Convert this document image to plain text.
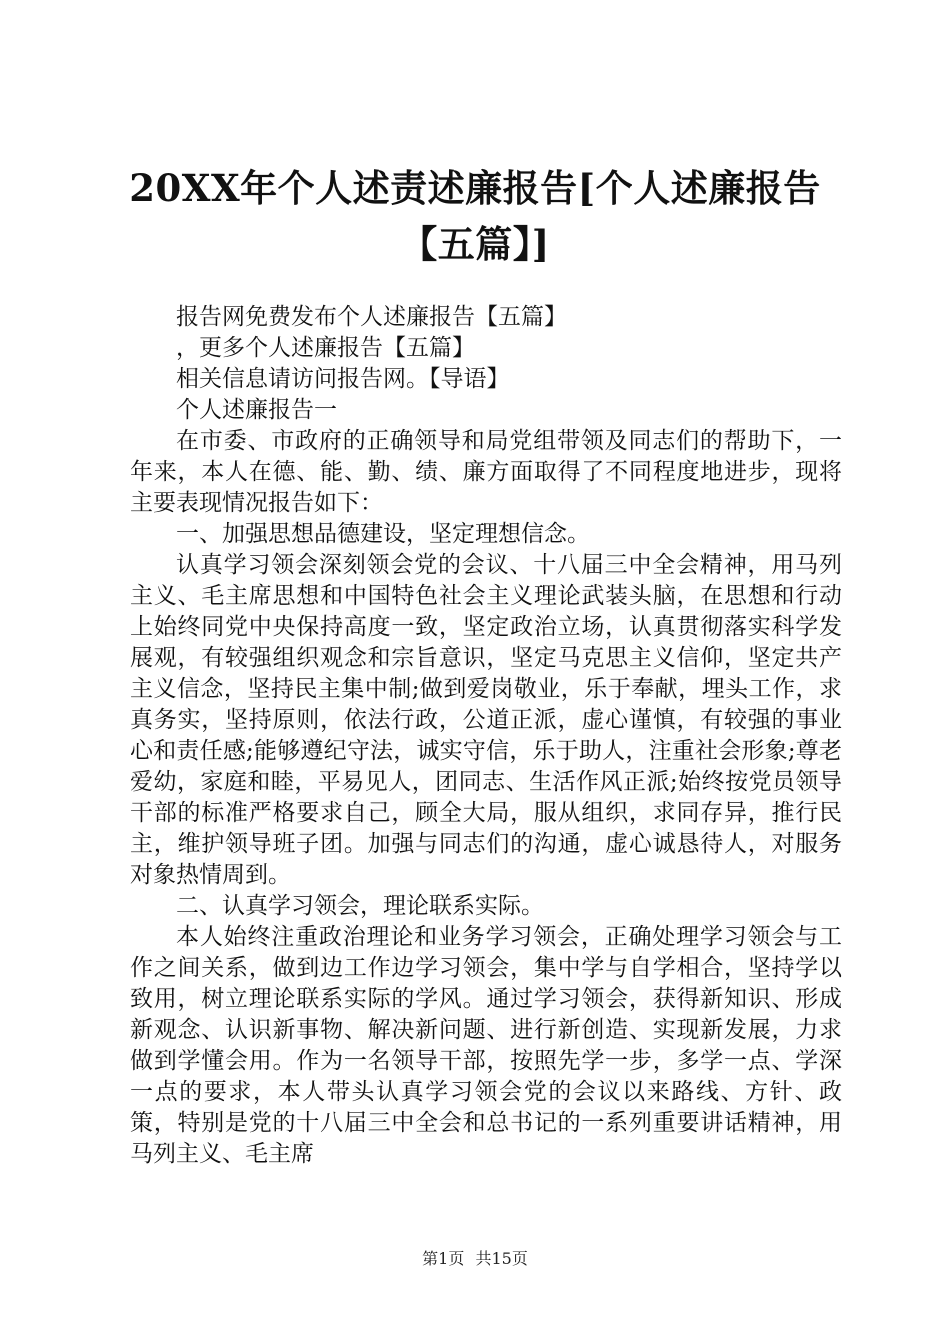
20XX年个人述责述廉报告[个人述廉报告【五篇】]

报告网免费发布个人述廉报告【五篇】

，更多个人述廉报告【五篇】

相关信息请访问报告网。【导语】

个人述廉报告一

在市委、市政府的正确领导和局党组带领及同志们的帮助下，一年来，本人在德、能、勤、绩、廉方面取得了不同程度地进步，现将主要表现情况报告如下：

一、加强思想品德建设，坚定理想信念。

认真学习领会深刻领会党的会议、十八届三中全会精神，用马列主义、毛主席思想和中国特色社会主义理论武装头脑，在思想和行动上始终同党中央保持高度一致，坚定政治立场，认真贯彻落实科学发展观，有较强组织观念和宗旨意识，坚定马克思主义信仰，坚定共产主义信念，坚持民主集中制;做到爱岗敬业，乐于奉献，埋头工作，求真务实，坚持原则，依法行政，公道正派，虚心谨慎，有较强的事业心和责任感;能够遵纪守法，诚实守信，乐于助人，注重社会形象;尊老爱幼，家庭和睦，平易见人，团同志、生活作风正派;始终按党员领导干部的标准严格要求自己，顾全大局，服从组织，求同存异，推行民主，维护领导班子团。加强与同志们的沟通，虚心诚恳待人，对服务对象热情周到。

二、认真学习领会，理论联系实际。

本人始终注重政治理论和业务学习领会，正确处理学习领会与工作之间关系，做到边工作边学习领会，集中学与自学相合，坚持学以致用，树立理论联系实际的学风。通过学习领会，获得新知识、形成新观念、认识新事物、解决新问题、进行新创造、实现新发展，力求做到学懂会用。作为一名领导干部，按照先学一步，多学一点、学深一点的要求，本人带头认真学习领会党的会议以来路线、方针、政策，特别是党的十八届三中全会和总书记的一系列重要讲话精神，用马列主义、毛主席

第1页 共15页
